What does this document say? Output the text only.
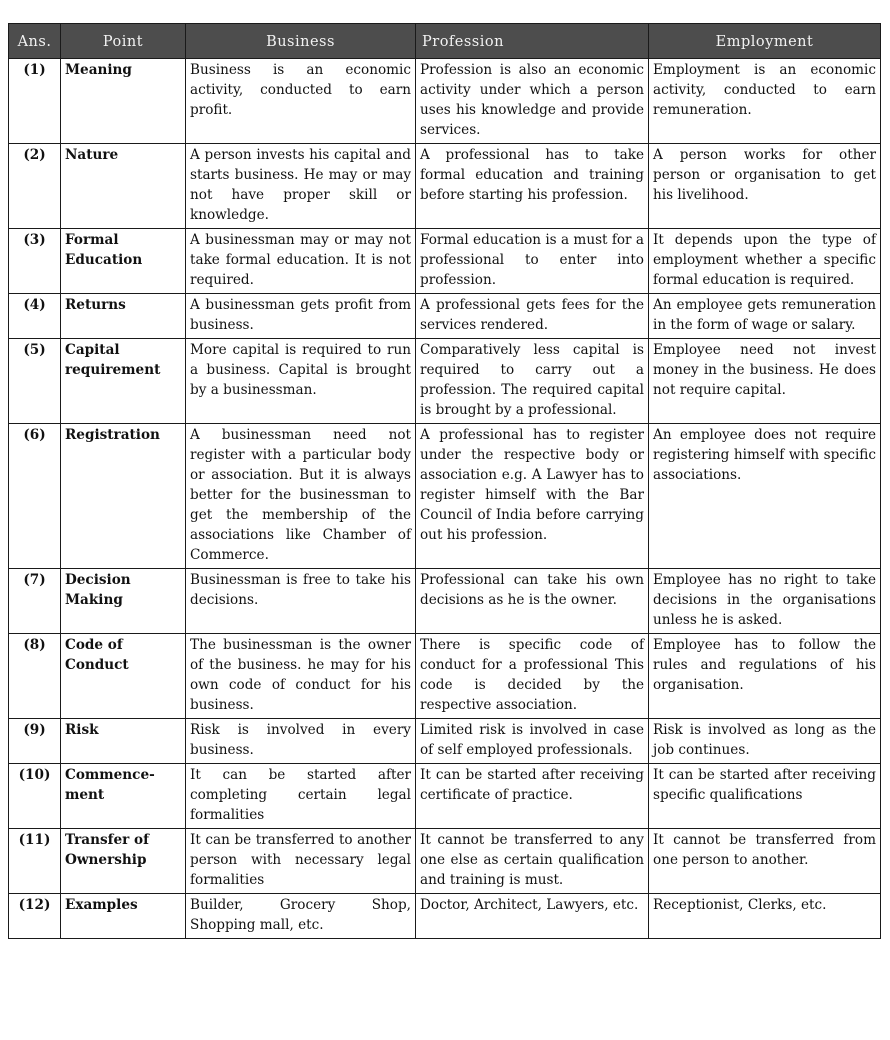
Ans.	Point	Business	Profession	Employment
(1)	Meaning	Business is an economic activity, conducted to earn profit.	Profession is also an economic activity under which a person uses his knowledge and provide services.	Employment is an economic activity, conducted to earn remuneration.
(2)	Nature	A person invests his capital and starts business. He may or may not have proper skill or knowledge.	A professional has to take formal education and training before starting his profession.	A person works for other person or organisation to get his livelihood.
(3)	Formal Education	A businessman may or may not take formal education. It is not required.	Formal education is a must for a professional to enter into profession.	It depends upon the type of employment whether a specific formal education is required.
(4)	Returns	A businessman gets profit from business.	A professional gets fees for the services rendered.	An employee gets remuneration in the form of wage or salary.
(5)	Capital requirement	More capital is required to run a business. Capital is brought by a businessman.	Comparatively less capital is required to carry out a profession. The required capital is brought by a professional.	Employee need not invest money in the business. He does not require capital.
(6)	Registration	A businessman need not register with a particular body or association. But it is always better for the businessman to get the membership of the associations like Chamber of Commerce.	A professional has to register under the respective body or association e.g. A Lawyer has to register himself with the Bar Council of India before carrying out his profession.	An employee does not require registering himself with specific associations.
(7)	Decision Making	Businessman is free to take his decisions.	Professional can take his own decisions as he is the owner.	Employee has no right to take decisions in the organisations unless he is asked.
(8)	Code of Conduct	The businessman is the owner of the business. he may for his own code of conduct for his business.	There is specific code of conduct for a professional This code is decided by the respective association.	Employee has to follow the rules and regulations of his organisation.
(9)	Risk	Risk is involved in every business.	Limited risk is involved in case of self employed professionals.	Risk is involved as long as the job continues.
(10)	Commence-ment	It can be started after completing certain legal formalities	It can be started after receiving certificate of practice.	It can be started after receiving specific qualifications
(11)	Transfer of Ownership	It can be transferred to another person with necessary legal formalities	It cannot be transferred to any one else as certain qualification and training is must.	It cannot be transferred from one person to another.
(12)	Examples	Builder, Grocery Shop, Shopping mall, etc.	Doctor, Architect, Lawyers, etc.	Receptionist, Clerks, etc.
